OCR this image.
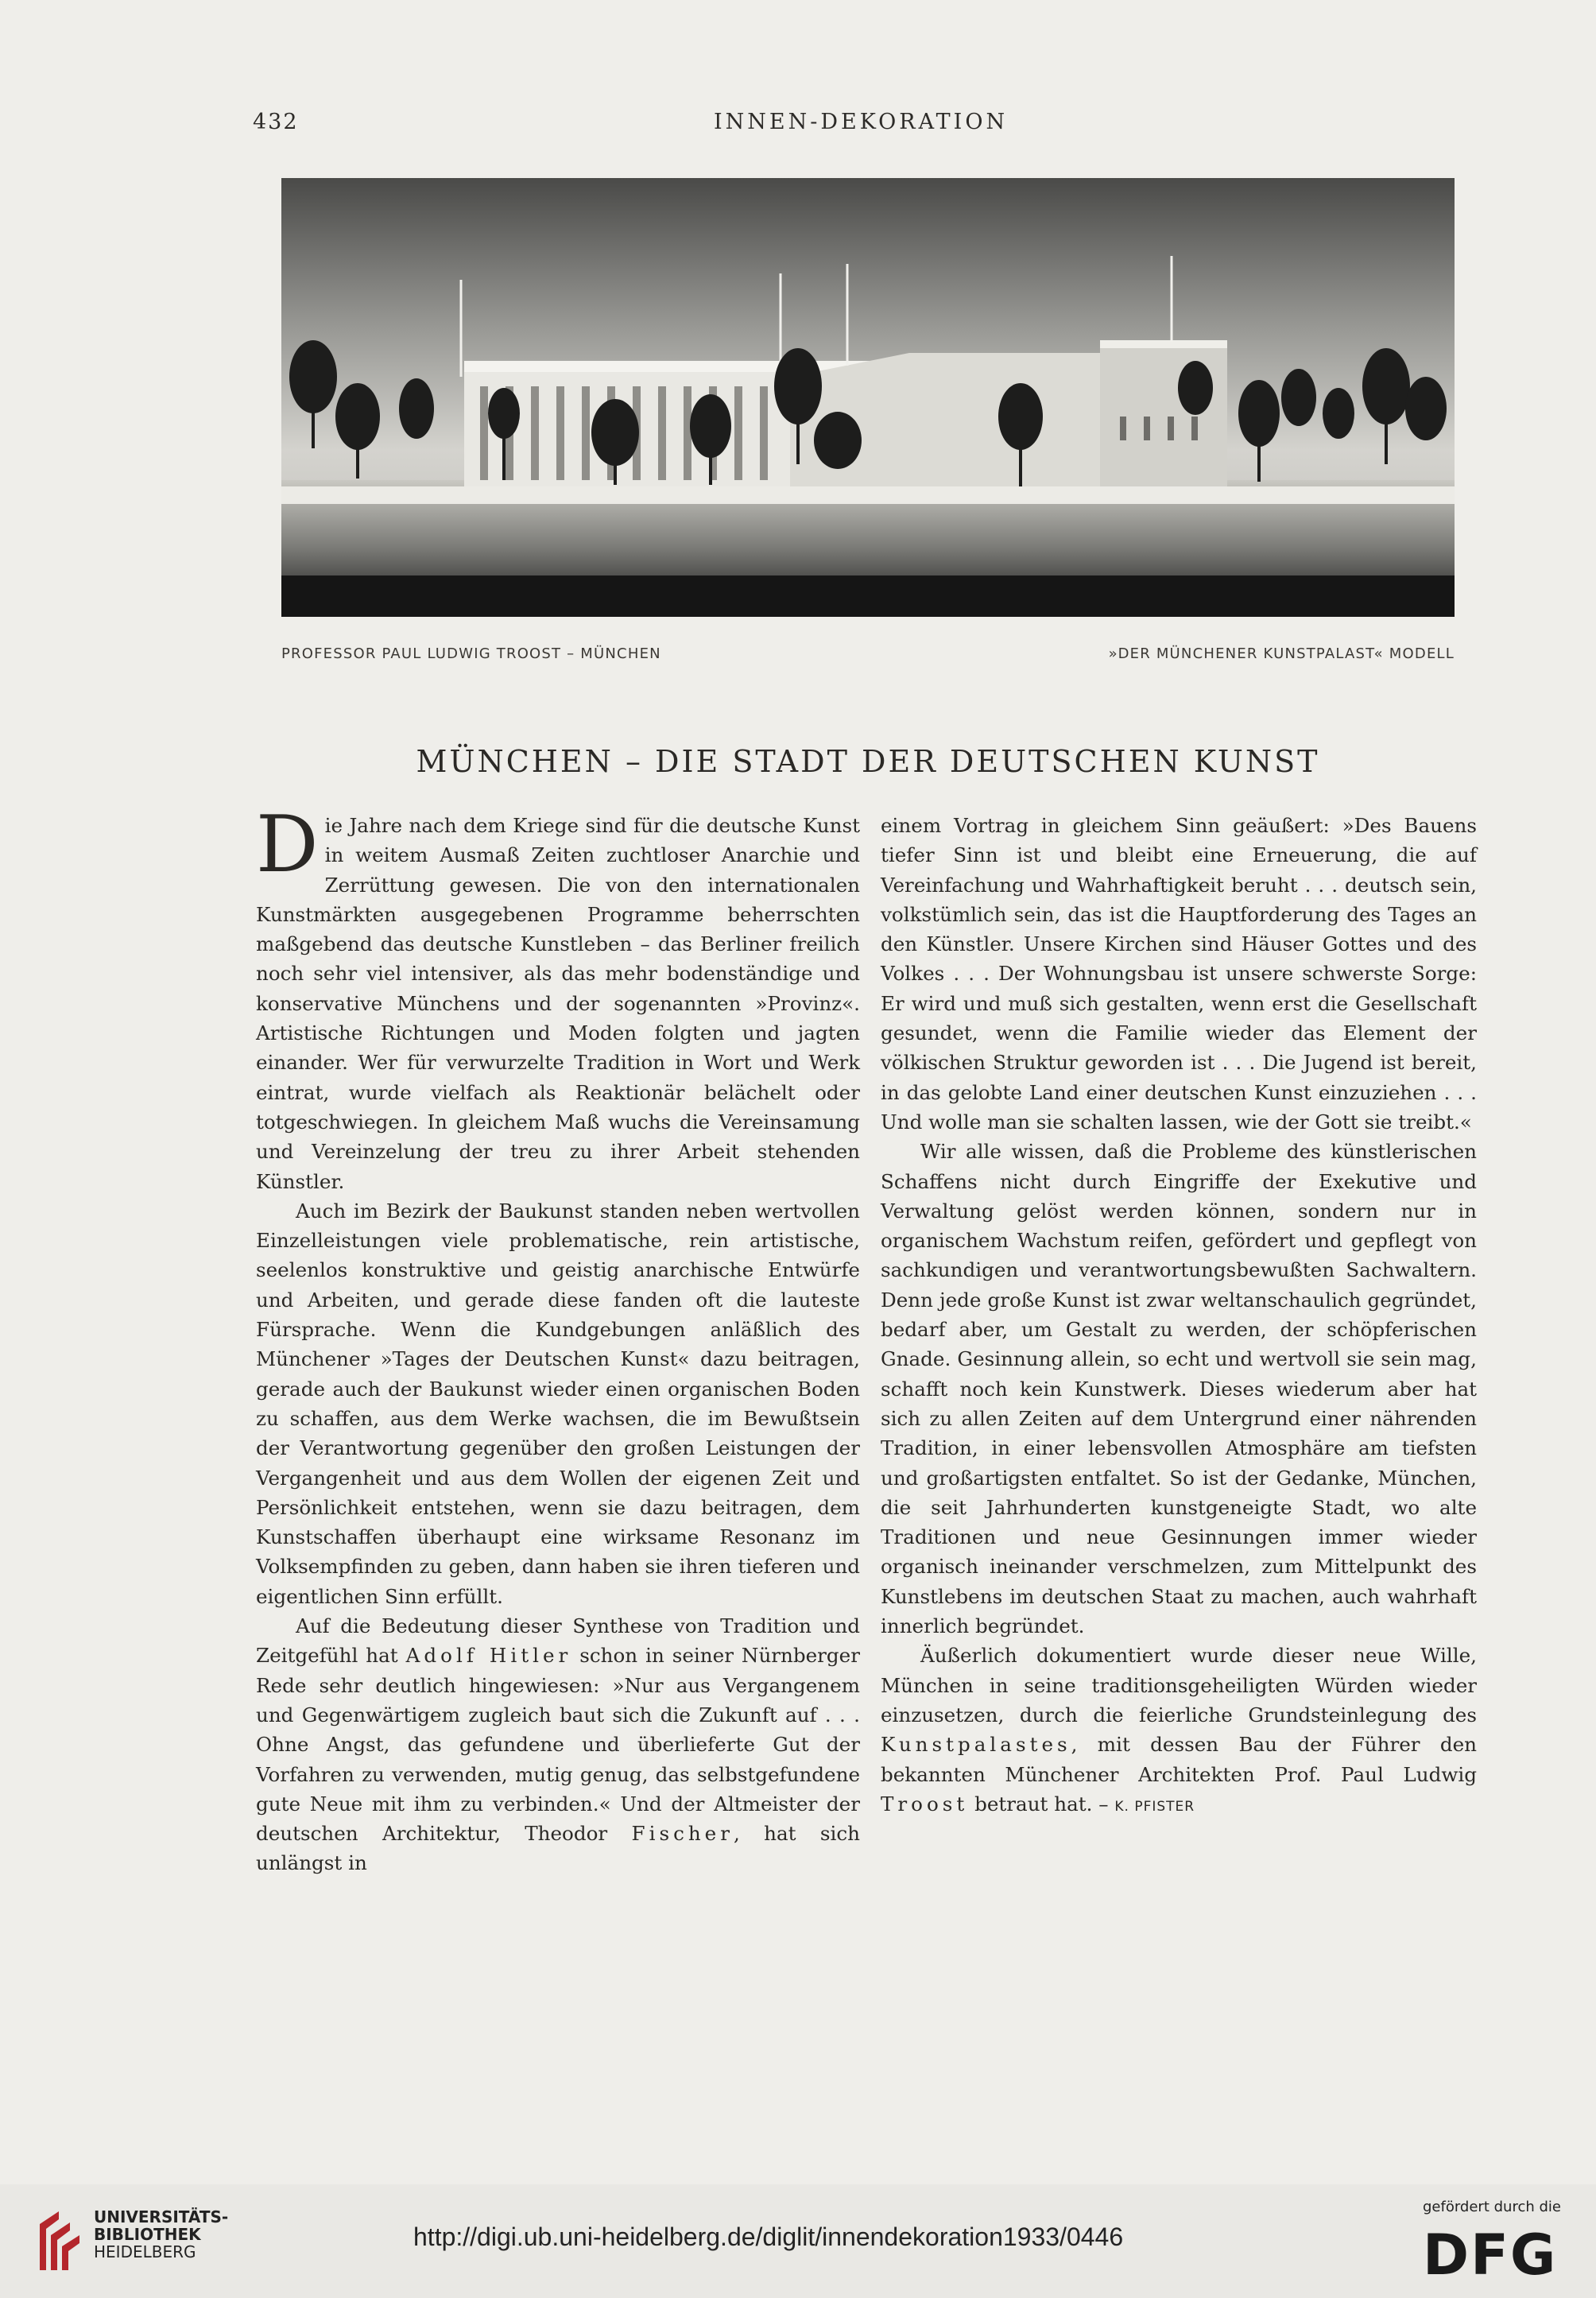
432	INNEN-DEKORATION
PROFESSOR PAUL LUDWIG TROOST – MÜNCHEN	»DER MÜNCHENER KUNSTPALAST« MODELL
MÜNCHEN – DIE STADT DER DEUTSCHEN KUNST

Die Jahre nach dem Kriege sind für die deutsche Kunst in weitem Ausmaß Zeiten zuchtloser Anarchie und Zerrüttung gewesen. Die von den internationalen Kunstmärkten ausgegebenen Programme beherrschten maßgebend das deutsche Kunstleben – das Berliner freilich noch sehr viel intensiver, als das mehr bodenständige und konservative Münchens und der sogenannten »Provinz«. Artistische Richtungen und Moden folgten und jagten einander. Wer für verwurzelte Tradition in Wort und Werk eintrat, wurde vielfach als Reaktionär belächelt oder totgeschwiegen. In gleichem Maß wuchs die Vereinsamung und Vereinzelung der treu zu ihrer Arbeit stehenden Künstler.

Auch im Bezirk der Baukunst standen neben wertvollen Einzelleistungen viele problematische, rein artistische, seelenlos konstruktive und geistig anarchische Entwürfe und Arbeiten, und gerade diese fanden oft die lauteste Fürsprache. Wenn die Kundgebungen anläßlich des Münchener »Tages der Deutschen Kunst« dazu beitragen, gerade auch der Baukunst wieder einen organischen Boden zu schaffen, aus dem Werke wachsen, die im Bewußtsein der Verantwortung gegenüber den großen Leistungen der Vergangenheit und aus dem Wollen der eigenen Zeit und Persönlichkeit entstehen, wenn sie dazu beitragen, dem Kunstschaffen überhaupt eine wirksame Resonanz im Volksempfinden zu geben, dann haben sie ihren tieferen und eigentlichen Sinn erfüllt.

Auf die Bedeutung dieser Synthese von Tradition und Zeitgefühl hat Adolf Hitler schon in seiner Nürnberger Rede sehr deutlich hingewiesen: »Nur aus Vergangenem und Gegenwärtigem zugleich baut sich die Zukunft auf . . . Ohne Angst, das gefundene und überlieferte Gut der Vorfahren zu verwenden, mutig genug, das selbstgefundene gute Neue mit ihm zu verbinden.« Und der Altmeister der deutschen Architektur, Theodor Fischer, hat sich unlängst in

einem Vortrag in gleichem Sinn geäußert: »Des Bauens tiefer Sinn ist und bleibt eine Erneuerung, die auf Vereinfachung und Wahrhaftigkeit beruht . . . deutsch sein, volkstümlich sein, das ist die Hauptforderung des Tages an den Künstler. Unsere Kirchen sind Häuser Gottes und des Volkes . . . Der Wohnungsbau ist unsere schwerste Sorge: Er wird und muß sich gestalten, wenn erst die Gesellschaft gesundet, wenn die Familie wieder das Element der völkischen Struktur geworden ist . . . Die Jugend ist bereit, in das gelobte Land einer deutschen Kunst einzuziehen . . . Und wolle man sie schalten lassen, wie der Gott sie treibt.«

Wir alle wissen, daß die Probleme des künstlerischen Schaffens nicht durch Eingriffe der Exekutive und Verwaltung gelöst werden können, sondern nur in organischem Wachstum reifen, gefördert und gepflegt von sachkundigen und verantwortungsbewußten Sachwaltern. Denn jede große Kunst ist zwar weltanschaulich gegründet, bedarf aber, um Gestalt zu werden, der schöpferischen Gnade. Gesinnung allein, so echt und wertvoll sie sein mag, schafft noch kein Kunstwerk. Dieses wiederum aber hat sich zu allen Zeiten auf dem Untergrund einer nährenden Tradition, in einer lebensvollen Atmosphäre am tiefsten und großartigsten entfaltet. So ist der Gedanke, München, die seit Jahrhunderten kunstgeneigte Stadt, wo alte Traditionen und neue Gesinnungen immer wieder organisch ineinander verschmelzen, zum Mittelpunkt des Kunstlebens im deutschen Staat zu machen, auch wahrhaft innerlich begründet.

Äußerlich dokumentiert wurde dieser neue Wille, München in seine traditionsgeheiligten Würden wieder einzusetzen, durch die feierliche Grundsteinlegung des Kunstpalastes, mit dessen Bau der Führer den bekannten Münchener Architekten Prof. Paul Ludwig Troost betraut hat. – K. PFISTER

UNIVERSITÄTS-
BIBLIOTHEK
HEIDELBERG
http://digi.ub.uni-heidelberg.de/diglit/innendekoration1933/0446
gefördert durch die
DFG
